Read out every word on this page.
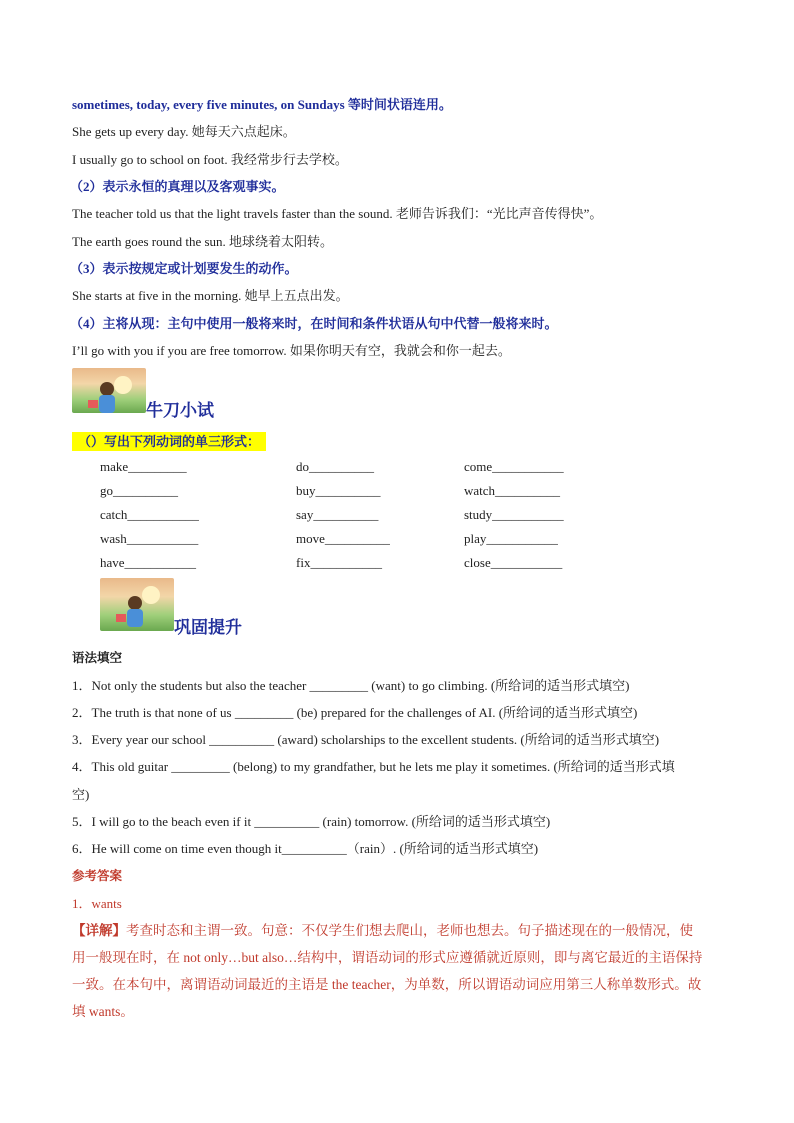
sometimes, today, every five minutes, on Sundays 等时间状语连用。
She gets up every day. 她每天六点起床。
I usually go to school on foot. 我经常步行去学校。
（2）表示永恒的真理以及客观事实。
The teacher told us that the light travels faster than the sound. 老师告诉我们：“光比声音传得快”。
The earth goes round the sun. 地球绕着太阳转。
（3）表示按规定或计划要发生的动作。
She starts at five in the morning. 她早上五点出发。
（4）主将从现：主句中使用一般将来时，在时间和条件状语从句中代替一般将来时。
I’ll go with you if you are free tomorrow. 如果你明天有空，我就会和你一起去。
牛刀小试
（）写出下列动词的单三形式：
make_________	do__________	come___________
go__________	buy__________	watch__________
catch___________	say__________	study___________
wash___________	move__________	play___________
have___________	fix___________	close___________
巩固提升
语法填空
1．Not only the students but also the teacher _________ (want) to go climbing. (所给词的适当形式填空)
2．The truth is that none of us _________ (be) prepared for the challenges of AI. (所给词的适当形式填空)
3．Every year our school __________ (award) scholarships to the excellent students. (所给词的适当形式填空)
4．This old guitar _________ (belong) to my grandfather, but he lets me play it sometimes. (所给词的适当形式填
空)
5．I will go to the beach even if it __________ (rain) tomorrow. (所给词的适当形式填空)
6．He will come on time even though it__________（rain）. (所给词的适当形式填空)
参考答案
1．wants
【详解】考查时态和主谓一致。句意：不仅学生们想去爬山，老师也想去。句子描述现在的一般情况，使
用一般现在时，在 not only…but also…结构中，谓语动词的形式应遵循就近原则，即与离它最近的主语保持
一致。在本句中，离谓语动词最近的主语是 the teacher，为单数，所以谓语动词应用第三人称单数形式。故
填 wants。
